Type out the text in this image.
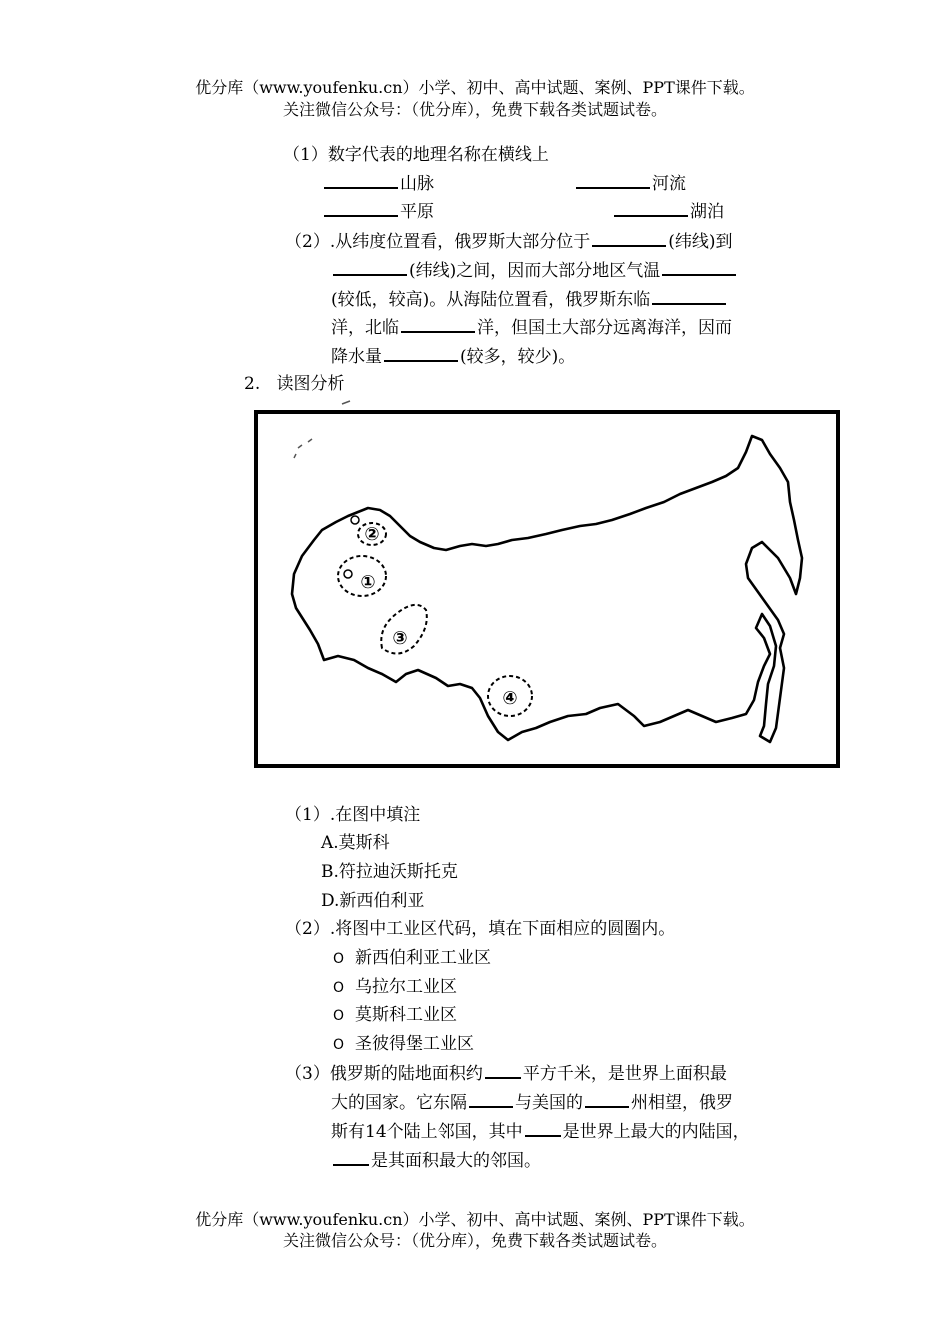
优分库（www.youfenku.cn）小学、初中、高中试题、案例、PPT课件下载。
关注微信公众号：（优分库），免费下载各类试题试卷。
（1）数字代表的地理名称在横线上
山脉	河流
平原	湖泊
（2）.从纬度位置看，俄罗斯大部分位于	(纬线)到
(纬线)之间，因而大部分地区气温
(较低，较高)。从海陆位置看，俄罗斯东临
洋，北临	洋，但国土大部分远离海洋，因而
降水量	(较多，较少)。
2. 读图分析
②
①
③
④
（1）.在图中填注
A.莫斯科
B.符拉迪沃斯托克
D.新西伯利亚
（2）.将图中工业区代码，填在下面相应的圆圈内。
O 新西伯利亚工业区
O 乌拉尔工业区
O 莫斯科工业区
O 圣彼得堡工业区
（3）俄罗斯的陆地面积约 平方千米，是世界上面积最
大的国家。它东隔	与美国的	州相望，俄罗
斯有14个陆上邻国，其中 是世界上最大的内陆国，
是其面积最大的邻国。
优分库（www.youfenku.cn）小学、初中、高中试题、案例、PPT课件下载。
关注微信公众号：（优分库），免费下载各类试题试卷。
